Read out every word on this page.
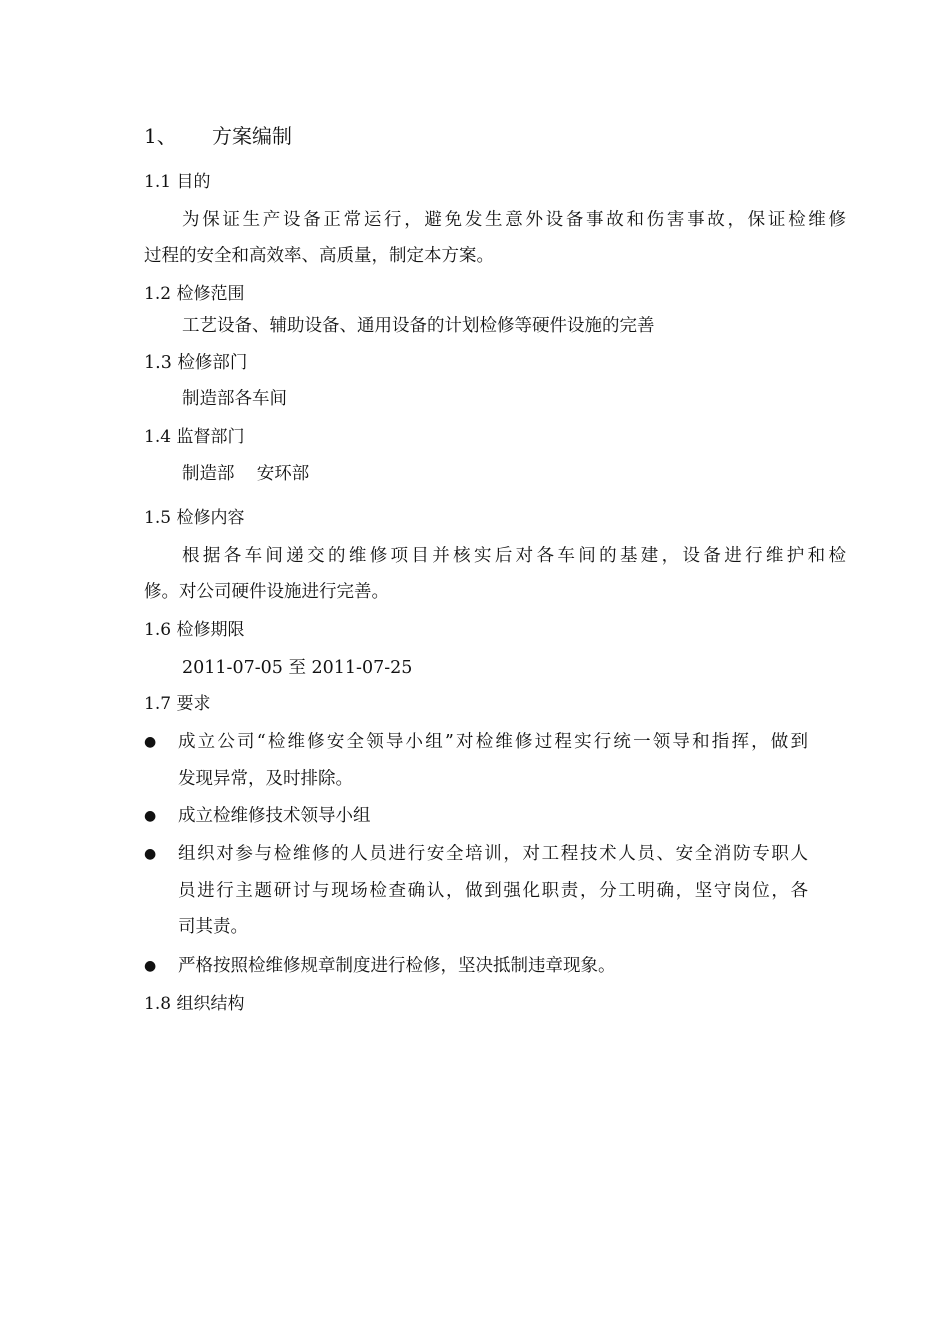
1、 方案编制
1.1 目的
为保证生产设备正常运行，避免发生意外设备事故和伤害事故，保证检维修
过程的安全和高效率、高质量，制定本方案。
1.2 检修范围
工艺设备、辅助设备、通用设备的计划检修等硬件设施的完善
1.3 检修部门
制造部各车间
1.4 监督部门
制造部    安环部
1.5 检修内容
根据各车间递交的维修项目并核实后对各车间的基建，设备进行维护和检
修。对公司硬件设施进行完善。
1.6 检修期限
2011-07-05 至 2011-07-25
1.7 要求
●	成立公司“检维修安全领导小组”对检维修过程实行统一领导和指挥，做到
发现异常，及时排除。
●	成立检维修技术领导小组
●	组织对参与检维修的人员进行安全培训，对工程技术人员、安全消防专职人
员进行主题研讨与现场检查确认，做到强化职责，分工明确，坚守岗位，各
司其责。
●	严格按照检维修规章制度进行检修，坚决抵制违章现象。
1.8 组织结构
